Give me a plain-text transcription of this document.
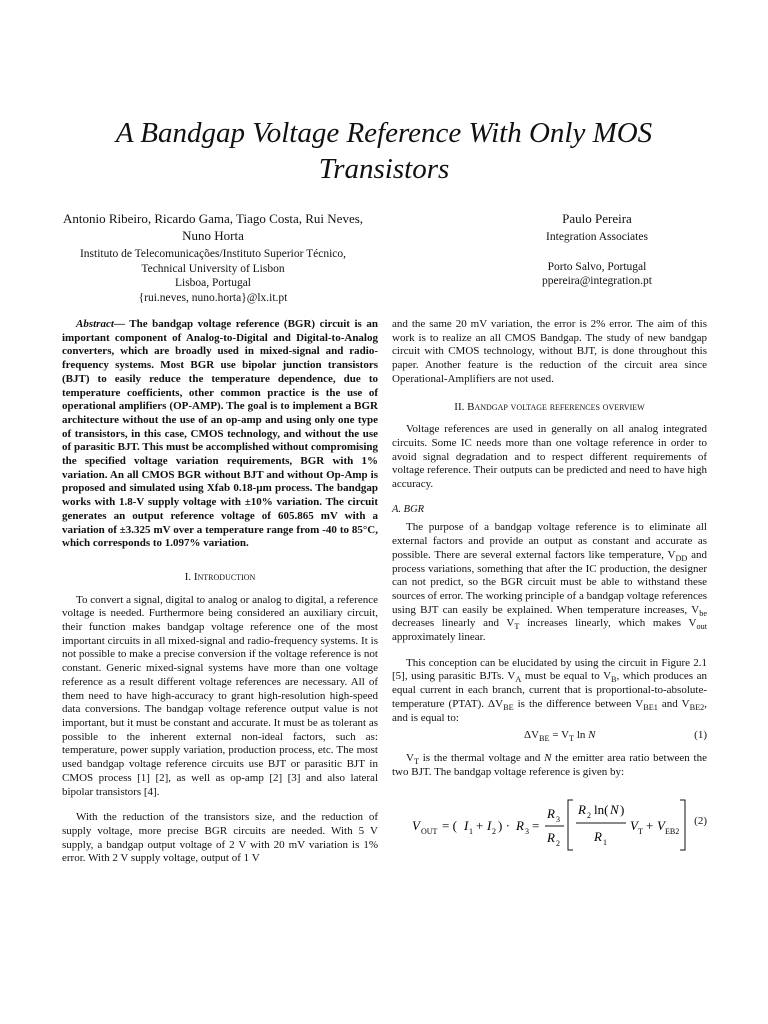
A Bandgap Voltage Reference With Only MOS Transistors
Antonio Ribeiro, Ricardo Gama, Tiago Costa, Rui Neves, Nuno Horta
Instituto de Telecomunicações/Instituto Superior Técnico,
Technical University of Lisbon
Lisboa, Portugal
{rui.neves, nuno.horta}@lx.it.pt
Paulo Pereira
Integration Associates
Porto Salvo, Portugal
ppereira@integration.pt

Abstract— The bandgap voltage reference (BGR) circuit is an important component of Analog-to-Digital and Digital-to-Analog converters, which are broadly used in mixed-signal and radio-frequency systems. Most BGR use bipolar junction transistors (BJT) to easily reduce the temperature dependence, due to temperature coefficients, other common practice is the use of operational amplifiers (OP-AMP). The goal is to implement a BGR architecture without the use of an op-amp and using only one type of transistors, in this case, CMOS technology, and without the use of parasitic BJT. This must be accomplished without compromising the specified voltage variation requirements, BGR with 1% variation. An all CMOS BGR without BJT and without Op-Amp is proposed and simulated using Xfab 0.18-µm process. The bandgap works with 1.8-V supply voltage with ±10% variation. The circuit generates an output reference voltage of 605.865 mV with a variation of ±3.325 mV over a temperature range from -40 to 85°C, which corresponds to 1.097% variation.

I. Introduction

To convert a signal, digital to analog or analog to digital, a reference voltage is needed. Furthermore being considered an auxiliary circuit, their function makes bandgap voltage reference one of the most important circuits in all mixed-signal and radio-frequency systems. It is not possible to make a precise conversion if the voltage reference is not constant. Generic mixed-signal systems have more than one voltage reference as a result different voltage references are necessary. All of them need to have high-accuracy to grant high-resolution high-speed data conversions. The bandgap voltage reference output value is not important, but it must be constant and accurate. It must be as tolerant as possible to the inherent external non-ideal factors, such as: temperature, power supply variation, production process, etc. The most used bandgap voltage reference circuits use BJT or parasitic BJT in CMOS process [1] [2], as well as op-amp [2] [3] and also lateral bipolar transistors [4].

With the reduction of the transistors size, and the reduction of supply voltage, more precise BGR circuits are needed. With 5 V supply, a bandgap output voltage of 2 V with 20 mV variation is 1% error. With 2 V supply voltage, output of 1 V

and the same 20 mV variation, the error is 2% error. The aim of this work is to realize an all CMOS Bandgap. The study of new bandgap circuit with CMOS technology, without BJT, is done throughout this paper. Another feature is the reduction of the circuit area since Operational-Amplifiers are not used.

II. Bandgap voltage references overview

Voltage references are used in generally on all analog integrated circuits. Some IC needs more than one voltage reference in order to avoid signal degradation and to respect different requirements of voltage reference. Their outputs can be predicted and need to have high accuracy.

A. BGR

The purpose of a bandgap voltage reference is to eliminate all external factors and provide an output as constant and accurate as possible. There are several external factors like temperature, $V_{DD}$ and process variations, something that after the IC production, the designer can not predict, so the BGR circuit must be able to withstand these sources of error. The working principle of a bandgap voltage references using BJT can easily be explained. When temperature increases, $V_{be}$ decreases linearly and $V_T$ increases linearly, which makes $V_{out}$ approximately linear.

This conception can be elucidated by using the circuit in Figure 2.1 [5], using parasitic BJTs. $V_A$ must be equal to $V_B$, which produces an equal current in each branch, current that is proportional-to-absolute-temperature (PTAT). $\Delta V_{BE}$ is the difference between $V_{BE1}$ and $V_{BE2}$, and is equal to:

$\Delta V_{BE} = V_T$ ln N	(1)

$V_T$ is the thermal voltage and N the emitter area ratio between the two BJT. The bandgap voltage reference is given by:

V OUT = ( I 1 + I 2 ) · R 3 =
R 3
R 2
R 2 ln( N )
R 1
V T + V EB2
(2)
